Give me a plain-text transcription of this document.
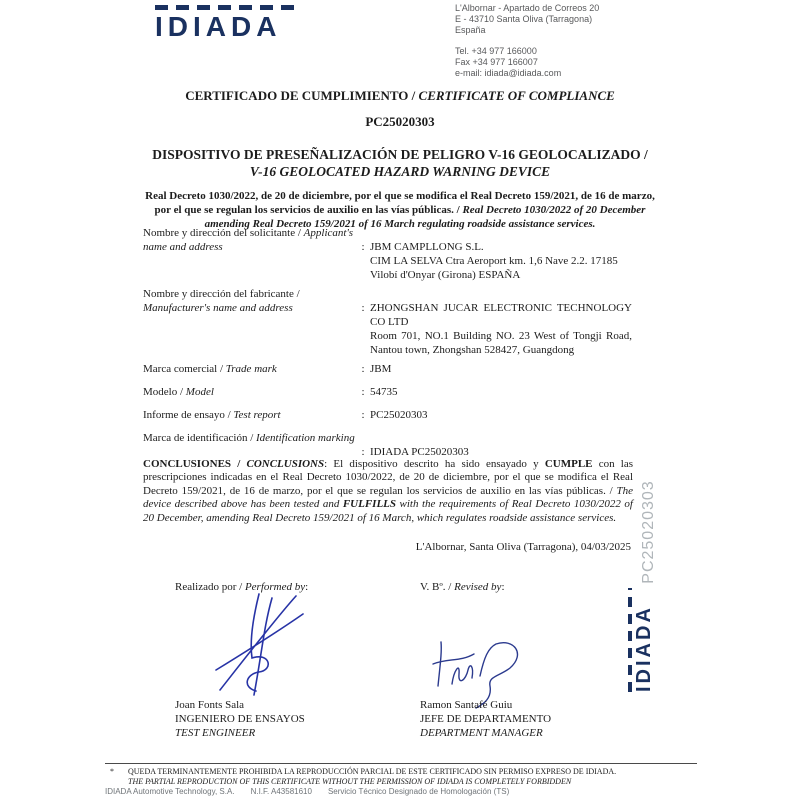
IDIADA
L'Albornar - Apartado de Correos 20
E - 43710 Santa Oliva (Tarragona)
España
Tel. +34 977 166000
Fax +34 977 166007
e-mail: idiada@idiada.com
CERTIFICADO DE CUMPLIMIENTO / CERTIFICATE OF COMPLIANCE
PC25020303
DISPOSITIVO DE PRESEÑALIZACIÓN DE PELIGRO V-16 GEOLOCALIZADO /
V-16 GEOLOCATED HAZARD WARNING DEVICE
Real Decreto 1030/2022, de 20 de diciembre, por el que se modifica el Real Decreto 159/2021, de 16 de marzo, por el que se regulan los servicios de auxilio en las vías públicas. / Real Decreto 1030/2022 of 20 December amending Real Decreto 159/2021 of 16 March regulating roadside assistance services.
Nombre y dirección del solicitante / Applicant's name and address	: JBM CAMPLLONG S.L.
CIM LA SELVA Ctra Aeroport km. 1,6 Nave 2.2. 17185 Vilobí d'Onyar (Girona) ESPAÑA
Nombre y dirección del fabricante / Manufacturer's name and address	: ZHONGSHAN JUCAR ELECTRONIC TECHNOLOGY CO LTD
Room 701, NO.1 Building NO. 23 West of Tongji Road, Nantou town, Zhongshan 528427, Guangdong
Marca comercial / Trade mark	: JBM
Modelo / Model	: 54735
Informe de ensayo / Test report	: PC25020303
Marca de identificación / Identification marking
: IDIADA PC25020303
CONCLUSIONES / CONCLUSIONS: El dispositivo descrito ha sido ensayado y CUMPLE con las prescripciones indicadas en el Real Decreto 1030/2022, de 20 de diciembre, por el que se modifica el Real Decreto 159/2021, de 16 de marzo, por el que se regulan los servicios de auxilio en las vías públicas. / The device described above has been tested and FULFILLS with the requirements of Real Decreto 1030/2022 of 20 December, amending Real Decreto 159/2021 of 16 March, which regulates roadside assistance services.
L'Albornar, Santa Oliva (Tarragona), 04/03/2025
Realizado por / Performed by:	V. Bº. / Revised by:
Joan Fonts Sala
INGENIERO DE ENSAYOS
TEST ENGINEER
Ramon Santafé Guiu
JEFE DE DEPARTAMENTO
DEPARTMENT MANAGER
PC25020303
IDIADA
*	QUEDA TERMINANTEMENTE PROHIBIDA LA REPRODUCCIÓN PARCIAL DE ESTE CERTIFICADO SIN PERMISO EXPRESO DE IDIADA.
THE PARTIAL REPRODUCTION OF THIS CERTIFICATE WITHOUT THE PERMISSION OF IDIADA IS COMPLETELY FORBIDDEN
IDIADA Automotive Technology, S.A. N.I.F. A43581610 Servicio Técnico Designado de Homologación (TS)
